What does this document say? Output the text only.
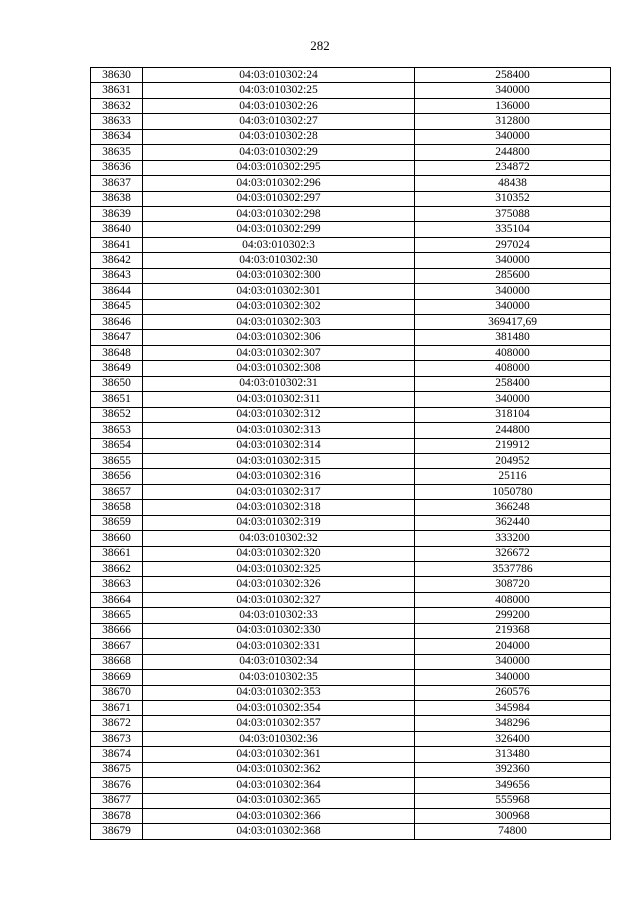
282
38630	04:03:010302:24	258400
38631	04:03:010302:25	340000
38632	04:03:010302:26	136000
38633	04:03:010302:27	312800
38634	04:03:010302:28	340000
38635	04:03:010302:29	244800
38636	04:03:010302:295	234872
38637	04:03:010302:296	48438
38638	04:03:010302:297	310352
38639	04:03:010302:298	375088
38640	04:03:010302:299	335104
38641	04:03:010302:3	297024
38642	04:03:010302:30	340000
38643	04:03:010302:300	285600
38644	04:03:010302:301	340000
38645	04:03:010302:302	340000
38646	04:03:010302:303	369417,69
38647	04:03:010302:306	381480
38648	04:03:010302:307	408000
38649	04:03:010302:308	408000
38650	04:03:010302:31	258400
38651	04:03:010302:311	340000
38652	04:03:010302:312	318104
38653	04:03:010302:313	244800
38654	04:03:010302:314	219912
38655	04:03:010302:315	204952
38656	04:03:010302:316	25116
38657	04:03:010302:317	1050780
38658	04:03:010302:318	366248
38659	04:03:010302:319	362440
38660	04:03:010302:32	333200
38661	04:03:010302:320	326672
38662	04:03:010302:325	3537786
38663	04:03:010302:326	308720
38664	04:03:010302:327	408000
38665	04:03:010302:33	299200
38666	04:03:010302:330	219368
38667	04:03:010302:331	204000
38668	04:03:010302:34	340000
38669	04:03:010302:35	340000
38670	04:03:010302:353	260576
38671	04:03:010302:354	345984
38672	04:03:010302:357	348296
38673	04:03:010302:36	326400
38674	04:03:010302:361	313480
38675	04:03:010302:362	392360
38676	04:03:010302:364	349656
38677	04:03:010302:365	555968
38678	04:03:010302:366	300968
38679	04:03:010302:368	74800
